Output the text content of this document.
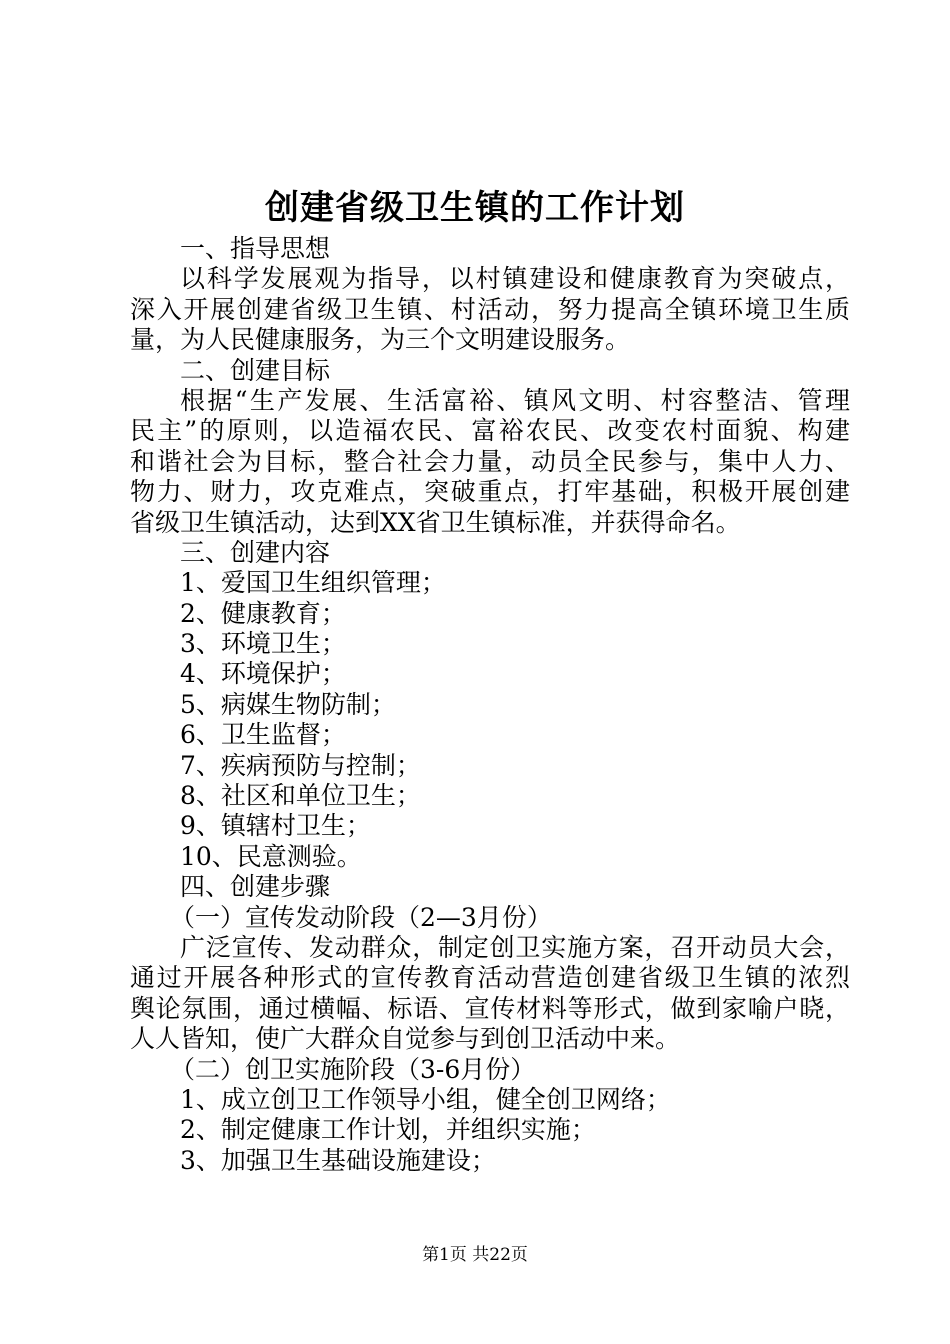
创建省级卫生镇的工作计划
一、指导思想
以科学发展观为指导，以村镇建设和健康教育为突破点，
深入开展创建省级卫生镇、村活动，努力提高全镇环境卫生质
量，为人民健康服务，为三个文明建设服务。
二、创建目标
根据“生产发展、生活富裕、镇风文明、村容整洁、管理
民主”的原则，以造福农民、富裕农民、改变农村面貌、构建
和谐社会为目标，整合社会力量，动员全民参与，集中人力、
物力、财力，攻克难点，突破重点，打牢基础，积极开展创建
省级卫生镇活动，达到XX省卫生镇标准，并获得命名。
三、创建内容
1、爱国卫生组织管理；
2、健康教育；
3、环境卫生；
4、环境保护；
5、病媒生物防制；
6、卫生监督；
7、疾病预防与控制；
8、社区和单位卫生；
9、镇辖村卫生；
10、民意测验。
四、创建步骤
（一）宣传发动阶段（2—3月份）
广泛宣传、发动群众，制定创卫实施方案，召开动员大会，
通过开展各种形式的宣传教育活动营造创建省级卫生镇的浓烈
舆论氛围，通过横幅、标语、宣传材料等形式，做到家喻户晓，
人人皆知，使广大群众自觉参与到创卫活动中来。
（二）创卫实施阶段（3-6月份）
1、成立创卫工作领导小组，健全创卫网络；
2、制定健康工作计划，并组织实施；
3、加强卫生基础设施建设；
第1页 共22页
